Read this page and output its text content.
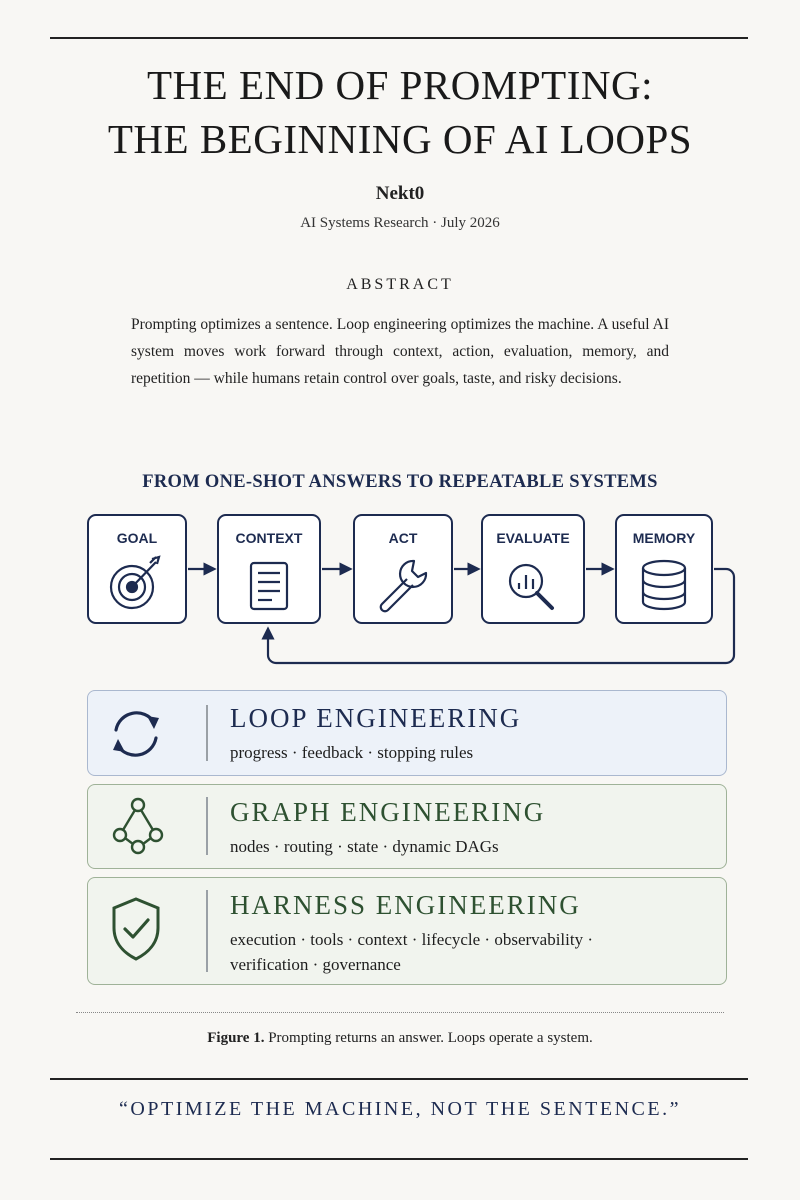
THE END OF PROMPTING:
THE BEGINNING OF AI LOOPS
Nekt0
AI Systems Research · July 2026
ABSTRACT
Prompting optimizes a sentence. Loop engineering optimizes the machine. A useful AI system moves work forward through context, action, evaluation, memory, and repetition — while humans retain control over goals, taste, and risky decisions.
FROM ONE-SHOT ANSWERS TO REPEATABLE SYSTEMS
GOAL	CONTEXT	ACT	EVALUATE	MEMORY
LOOP ENGINEERING
progress · feedback · stopping rules
GRAPH ENGINEERING
nodes · routing · state · dynamic DAGs
HARNESS ENGINEERING
execution · tools · context · lifecycle · observability · verification · governance
Figure 1. Prompting returns an answer. Loops operate a system.
“OPTIMIZE THE MACHINE, NOT THE SENTENCE.”
